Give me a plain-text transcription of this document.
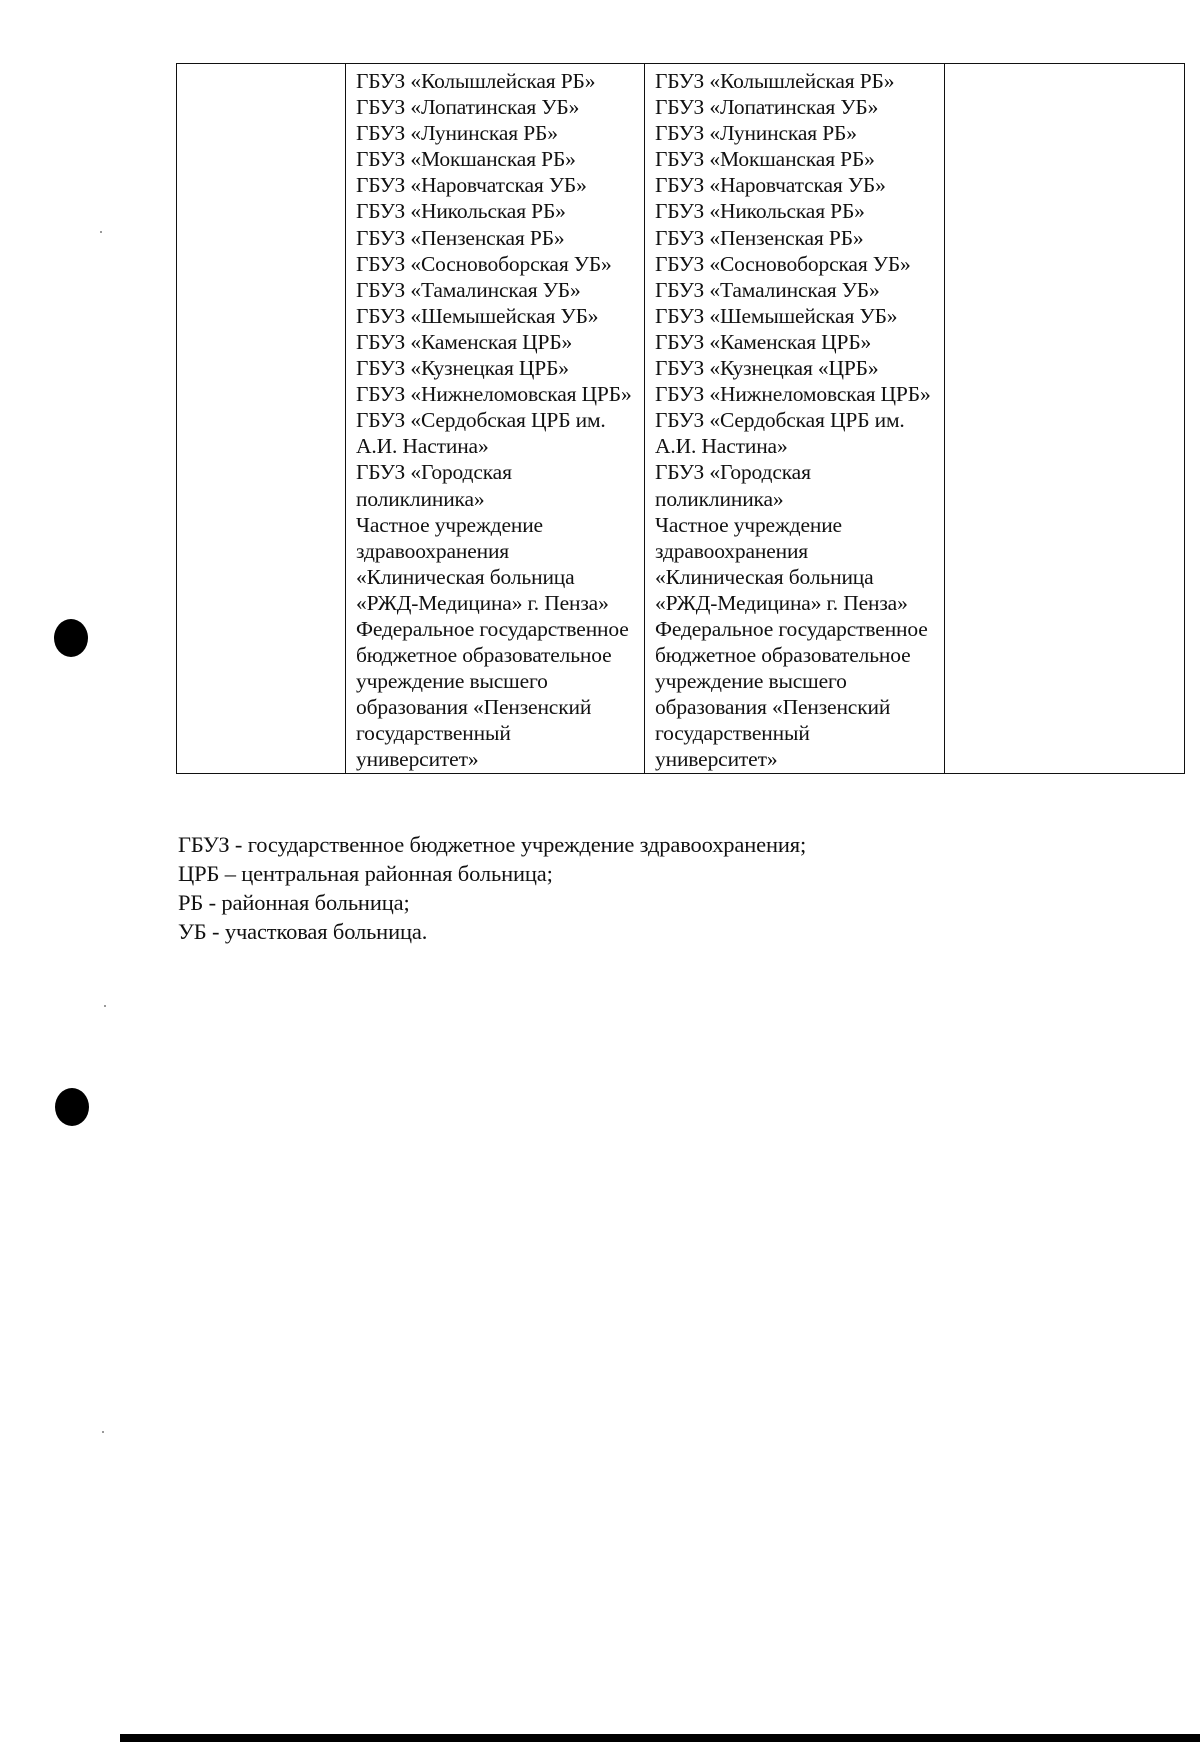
ГБУЗ «Колышлейская РБ»
ГБУЗ «Лопатинская УБ»
ГБУЗ «Лунинская РБ»
ГБУЗ «Мокшанская РБ»
ГБУЗ «Наровчатская УБ»
ГБУЗ «Никольская РБ»
ГБУЗ «Пензенская РБ»
ГБУЗ «Сосновоборская УБ»
ГБУЗ «Тамалинская УБ»
ГБУЗ «Шемышейская УБ»
ГБУЗ «Каменская ЦРБ»
ГБУЗ «Кузнецкая ЦРБ»
ГБУЗ «Нижнеломовская ЦРБ»
ГБУЗ «Сердобская ЦРБ им. А.И. Настина»
ГБУЗ «Городская поликлиника»
Частное учреждение здравоохранения «Клиническая больница «РЖД-Медицина» г. Пенза»
Федеральное государственное бюджетное образовательное учреждение высшего образования «Пензенский государственный университет»

ГБУЗ «Колышлейская РБ»
ГБУЗ «Лопатинская УБ»
ГБУЗ «Лунинская РБ»
ГБУЗ «Мокшанская РБ»
ГБУЗ «Наровчатская УБ»
ГБУЗ «Никольская РБ»
ГБУЗ «Пензенская РБ»
ГБУЗ «Сосновоборская УБ»
ГБУЗ «Тамалинская УБ»
ГБУЗ «Шемышейская УБ»
ГБУЗ «Каменская ЦРБ»
ГБУЗ «Кузнецкая «ЦРБ»
ГБУЗ «Нижнеломовская ЦРБ»
ГБУЗ «Сердобская ЦРБ им. А.И. Настина»
ГБУЗ «Городская поликлиника»
Частное учреждение здравоохранения «Клиническая больница «РЖД-Медицина» г. Пенза»
Федеральное государственное бюджетное образовательное учреждение высшего образования «Пензенский государственный университет»

ГБУЗ - государственное бюджетное учреждение здравоохранения;
ЦРБ – центральная районная больница;
РБ - районная больница;
УБ - участковая больница.
